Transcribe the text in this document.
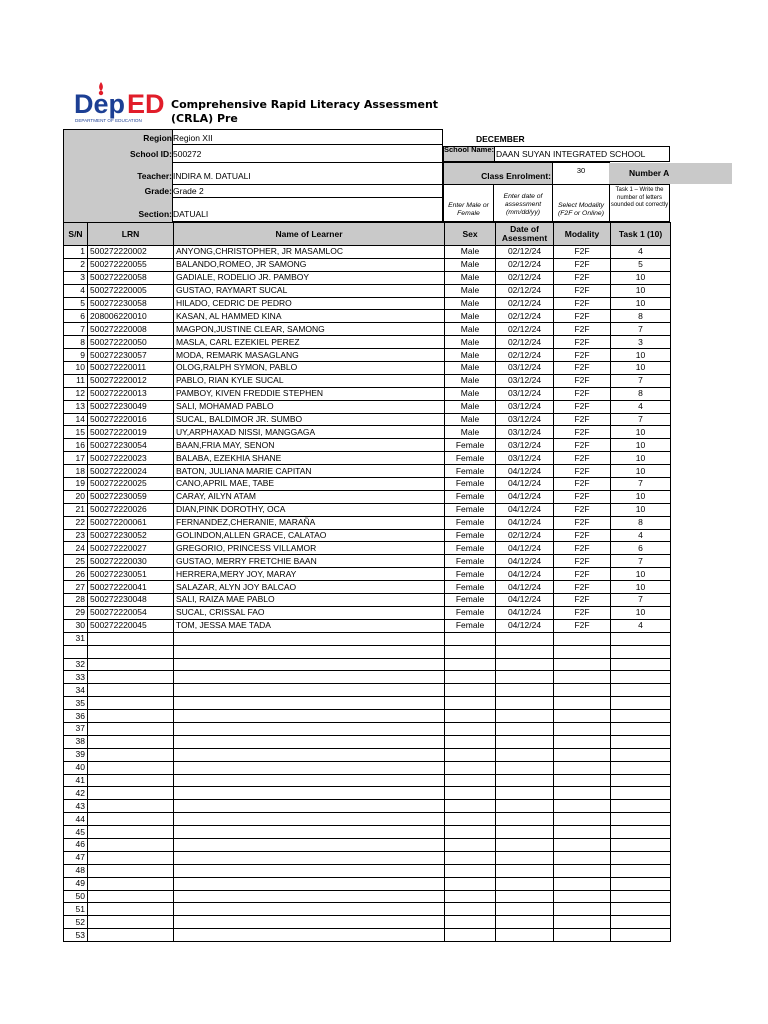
Dep ED
DEPARTMENT OF EDUCATION
Comprehensive Rapid Literacy Assessment
(CRLA) Pre
DECEMBER
Region Region XII
School ID: 500272
Teacher: INDIRA M. DATUALI
Grade: Grade 2
Section: DATUALI
School Name: DAAN SUYAN INTEGRATED SCHOOL
Class Enrolment:
30
Enter Male or Female
Enter date of assessment (mm/dd/yy)
Select Modality (F2F or Online)
Task 1 – Write the number of letters sounded out correctly
Number A
S/N	LRN	Name of Learner	Sex	Date of Asessment	Modality	Task 1 (10)
1	500272220002	ANYONG,CHRISTOPHER, JR MASAMLOC	Male	02/12/24	F2F	4
2	500272220055	BALANDO,ROMEO, JR SAMONG	Male	02/12/24	F2F	5
3	500272220058	GADIALE, RODELIO JR. PAMBOY	Male	02/12/24	F2F	10
4	500272220005	GUSTAO, RAYMART SUCAL	Male	02/12/24	F2F	10
5	500272230058	HILADO, CEDRIC DE PEDRO	Male	02/12/24	F2F	10
6	208006220010	KASAN, AL HAMMED KINA	Male	02/12/24	F2F	8
7	500272220008	MAGPON,JUSTINE CLEAR, SAMONG	Male	02/12/24	F2F	7
8	500272220050	MASLA, CARL EZEKIEL PEREZ	Male	02/12/24	F2F	3
9	500272230057	MODA, REMARK MASAGLANG	Male	02/12/24	F2F	10
10	500272220011	OLOG,RALPH SYMON, PABLO	Male	03/12/24	F2F	10
11	500272220012	PABLO, RIAN KYLE SUCAL	Male	03/12/24	F2F	7
12	500272220013	PAMBOY, KIVEN FREDDIE STEPHEN	Male	03/12/24	F2F	8
13	500272230049	SALI, MOHAMAD PABLO	Male	03/12/24	F2F	4
14	500272220016	SUCAL, BALDIMOR JR. SUMBO	Male	03/12/24	F2F	7
15	500272220019	UY,ARPHAXAD NISSI, MANGGAGA	Male	03/12/24	F2F	10
16	500272230054	BAAN,FRIA MAY, SENON	Female	03/12/24	F2F	10
17	500272220023	BALABA, EZEKHIA SHANE	Female	03/12/24	F2F	10
18	500272220024	BATON, JULIANA MARIE CAPITAN	Female	04/12/24	F2F	10
19	500272220025	CANO,APRIL MAE, TABE	Female	04/12/24	F2F	7
20	500272230059	CARAY, AILYN ATAM	Female	04/12/24	F2F	10
21	500272220026	DIAN,PINK DOROTHY, OCA	Female	04/12/24	F2F	10
22	500272200061	FERNANDEZ,CHERANIE, MARAÑA	Female	04/12/24	F2F	8
23	500272230052	GOLINDON,ALLEN GRACE, CALATAO	Female	02/12/24	F2F	4
24	500272220027	GREGORIO, PRINCESS VILLAMOR	Female	04/12/24	F2F	6
25	500272220030	GUSTAO, MERRY FRETCHIE BAAN	Female	04/12/24	F2F	7
26	500272230051	HERRERA,MERY JOY, MARAY	Female	04/12/24	F2F	10
27	500272220041	SALAZAR, ALYN JOY BALCAO	Female	04/12/24	F2F	10
28	500272230048	SALI, RAIZA MAE PABLO	Female	04/12/24	F2F	7
29	500272220054	SUCAL, CRISSAL FAO	Female	04/12/24	F2F	10
30	500272220045	TOM, JESSA MAE TADA	Female	04/12/24	F2F	4
31						

32						
33						
34						
35						
36						
37						
38						
39						
40						
41						
42						
43						
44						
45						
46						
47						
48						
49						
50						
51						
52						
53						
